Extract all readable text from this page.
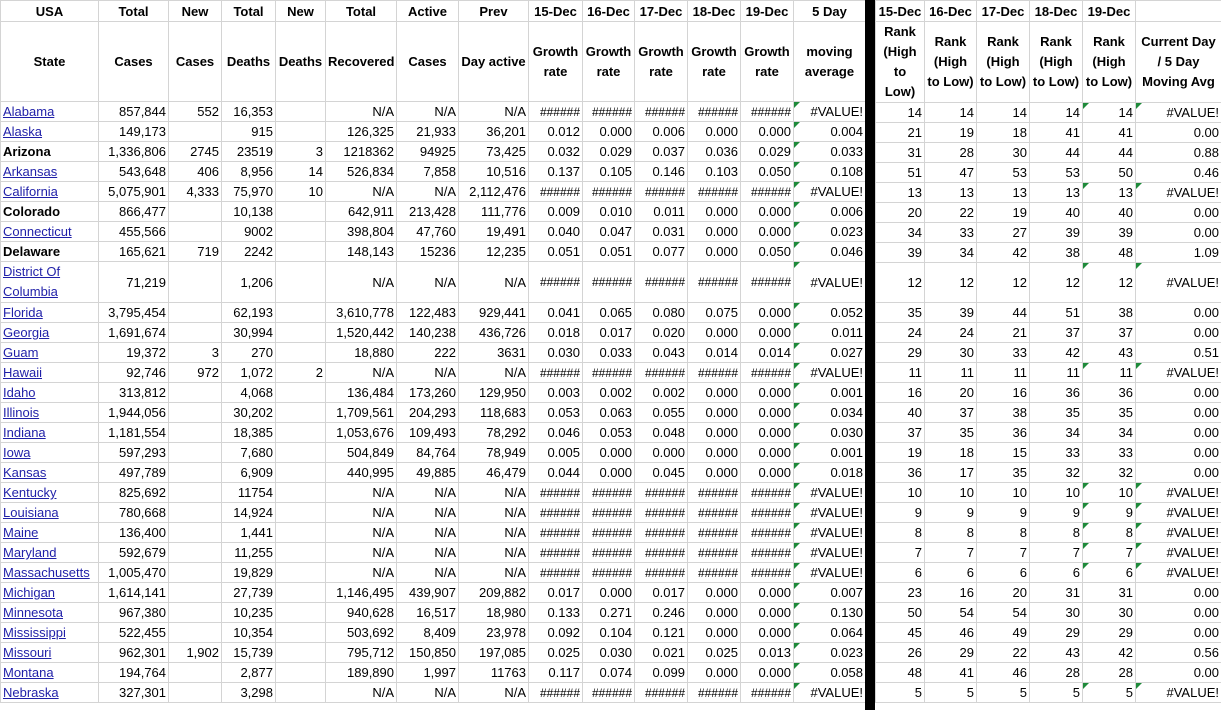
USA	Total	New	Total	New	Total	Active	Prev	15-Dec	16-Dec	17-Dec	18-Dec	19-Dec	5 Day
State	Cases	Cases	Deaths	Deaths	Recovered	Cases	Day active	Growth rate	Growth rate	Growth rate	Growth rate	Growth rate	moving average
Alabama	857,844	552	16,353		N/A	N/A	N/A	######	######	######	######	######	#VALUE!
Alaska	149,173		915		126,325	21,933	36,201	0.012	0.000	0.006	0.000	0.000	0.004
Arizona	1,336,806	2745	23519	3	1218362	94925	73,425	0.032	0.029	0.037	0.036	0.029	0.033
Arkansas	543,648	406	8,956	14	526,834	7,858	10,516	0.137	0.105	0.146	0.103	0.050	0.108
California	5,075,901	4,333	75,970	10	N/A	N/A	2,112,476	######	######	######	######	######	#VALUE!
Colorado	866,477		10,138		642,911	213,428	111,776	0.009	0.010	0.011	0.000	0.000	0.006
Connecticut	455,566		9002		398,804	47,760	19,491	0.040	0.047	0.031	0.000	0.000	0.023
Delaware	165,621	719	2242		148,143	15236	12,235	0.051	0.051	0.077	0.000	0.050	0.046
District Of Columbia	71,219		1,206		N/A	N/A	N/A	######	######	######	######	######	#VALUE!
Florida	3,795,454		62,193		3,610,778	122,483	929,441	0.041	0.065	0.080	0.075	0.000	0.052
Georgia	1,691,674		30,994		1,520,442	140,238	436,726	0.018	0.017	0.020	0.000	0.000	0.011
Guam	19,372	3	270		18,880	222	3631	0.030	0.033	0.043	0.014	0.014	0.027
Hawaii	92,746	972	1,072	2	N/A	N/A	N/A	######	######	######	######	######	#VALUE!
Idaho	313,812		4,068		136,484	173,260	129,950	0.003	0.002	0.002	0.000	0.000	0.001
Illinois	1,944,056		30,202		1,709,561	204,293	118,683	0.053	0.063	0.055	0.000	0.000	0.034
Indiana	1,181,554		18,385		1,053,676	109,493	78,292	0.046	0.053	0.048	0.000	0.000	0.030
Iowa	597,293		7,680		504,849	84,764	78,949	0.005	0.000	0.000	0.000	0.000	0.001
Kansas	497,789		6,909		440,995	49,885	46,479	0.044	0.000	0.045	0.000	0.000	0.018
Kentucky	825,692		11754		N/A	N/A	N/A	######	######	######	######	######	#VALUE!
Louisiana	780,668		14,924		N/A	N/A	N/A	######	######	######	######	######	#VALUE!
Maine	136,400		1,441		N/A	N/A	N/A	######	######	######	######	######	#VALUE!
Maryland	592,679		11,255		N/A	N/A	N/A	######	######	######	######	######	#VALUE!
Massachusetts	1,005,470		19,829		N/A	N/A	N/A	######	######	######	######	######	#VALUE!
Michigan	1,614,141		27,739		1,146,495	439,907	209,882	0.017	0.000	0.017	0.000	0.000	0.007
Minnesota	967,380		10,235		940,628	16,517	18,980	0.133	0.271	0.246	0.000	0.000	0.130
Mississippi	522,455		10,354		503,692	8,409	23,978	0.092	0.104	0.121	0.000	0.000	0.064
Missouri	962,301	1,902	15,739		795,712	150,850	197,085	0.025	0.030	0.021	0.025	0.013	0.023
Montana	194,764		2,877		189,890	1,997	11763	0.117	0.074	0.099	0.000	0.000	0.058
Nebraska	327,301		3,298		N/A	N/A	N/A	######	######	######	######	######	#VALUE!
15-Dec	16-Dec	17-Dec	18-Dec	19-Dec	
Rank (High to Low)	Rank (High to Low)	Rank (High to Low)	Rank (High to Low)	Rank (High to Low)	Current Day / 5 Day Moving Avg
14	14	14	14	14	#VALUE!
21	19	18	41	41	0.00
31	28	30	44	44	0.88
51	47	53	53	50	0.46
13	13	13	13	13	#VALUE!
20	22	19	40	40	0.00
34	33	27	39	39	0.00
39	34	42	38	48	1.09
12	12	12	12	12	#VALUE!
35	39	44	51	38	0.00
24	24	21	37	37	0.00
29	30	33	42	43	0.51
11	11	11	11	11	#VALUE!
16	20	16	36	36	0.00
40	37	38	35	35	0.00
37	35	36	34	34	0.00
19	18	15	33	33	0.00
36	17	35	32	32	0.00
10	10	10	10	10	#VALUE!
9	9	9	9	9	#VALUE!
8	8	8	8	8	#VALUE!
7	7	7	7	7	#VALUE!
6	6	6	6	6	#VALUE!
23	16	20	31	31	0.00
50	54	54	30	30	0.00
45	46	49	29	29	0.00
26	29	22	43	42	0.56
48	41	46	28	28	0.00
5	5	5	5	5	#VALUE!
